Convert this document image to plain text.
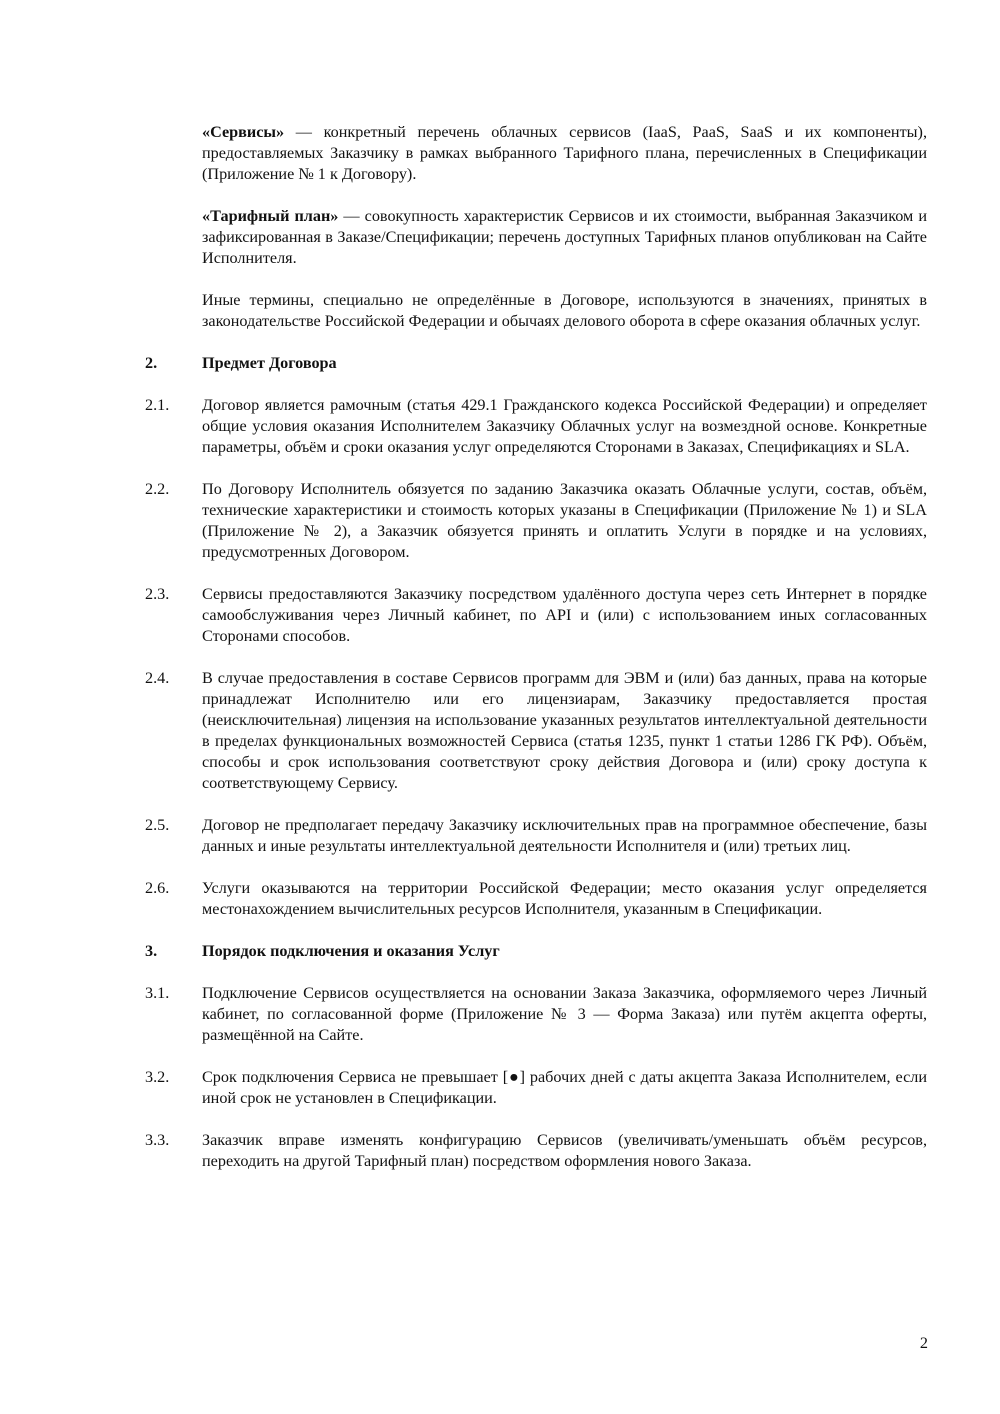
«Сервисы» — конкретный перечень облачных сервисов (IaaS, PaaS, SaaS и их компоненты), предоставляемых Заказчику в рамках выбранного Тарифного плана, перечисленных в Спецификации (Приложение № 1 к Договору).

«Тарифный план» — совокупность характеристик Сервисов и их стоимости, выбранная Заказчиком и зафиксированная в Заказе/Спецификации; перечень доступных Тарифных планов опубликован на Сайте Исполнителя.

Иные термины, специально не определённые в Договоре, используются в значениях, принятых в законодательстве Российской Федерации и обычаях делового оборота в сфере оказания облачных услуг.

2.	Предмет Договора
2.1.	Договор является рамочным (статья 429.1 Гражданского кодекса Российской Федерации) и определяет общие условия оказания Исполнителем Заказчику Облачных услуг на возмездной основе. Конкретные параметры, объём и сроки оказания услуг определяются Сторонами в Заказах, Спецификациях и SLA.
2.2.	По Договору Исполнитель обязуется по заданию Заказчика оказать Облачные услуги, состав, объём, технические характеристики и стоимость которых указаны в Спецификации (Приложение № 1) и SLA (Приложение № 2), а Заказчик обязуется принять и оплатить Услуги в порядке и на условиях, предусмотренных Договором.
2.3.	Сервисы предоставляются Заказчику посредством удалённого доступа через сеть Интернет в порядке самообслуживания через Личный кабинет, по API и (или) с использованием иных согласованных Сторонами способов.
2.4.	В случае предоставления в составе Сервисов программ для ЭВМ и (или) баз данных, права на которые принадлежат Исполнителю или его лицензиарам, Заказчику предоставляется простая (неисключительная) лицензия на использование указанных результатов интеллектуальной деятельности в пределах функциональных возможностей Сервиса (статья 1235, пункт 1 статьи 1286 ГК РФ). Объём, способы и срок использования соответствуют сроку действия Договора и (или) сроку доступа к соответствующему Сервису.
2.5.	Договор не предполагает передачу Заказчику исключительных прав на программное обеспечение, базы данных и иные результаты интеллектуальной деятельности Исполнителя и (или) третьих лиц.
2.6.	Услуги оказываются на территории Российской Федерации; место оказания услуг определяется местонахождением вычислительных ресурсов Исполнителя, указанным в Спецификации.
3.	Порядок подключения и оказания Услуг
3.1.	Подключение Сервисов осуществляется на основании Заказа Заказчика, оформляемого через Личный кабинет, по согласованной форме (Приложение № 3 — Форма Заказа) или путём акцепта оферты, размещённой на Сайте.
3.2.	Срок подключения Сервиса не превышает [●] рабочих дней с даты акцепта Заказа Исполнителем, если иной срок не установлен в Спецификации.
3.3.	Заказчик вправе изменять конфигурацию Сервисов (увеличивать/уменьшать объём ресурсов, переходить на другой Тарифный план) посредством оформления нового Заказа.
2
